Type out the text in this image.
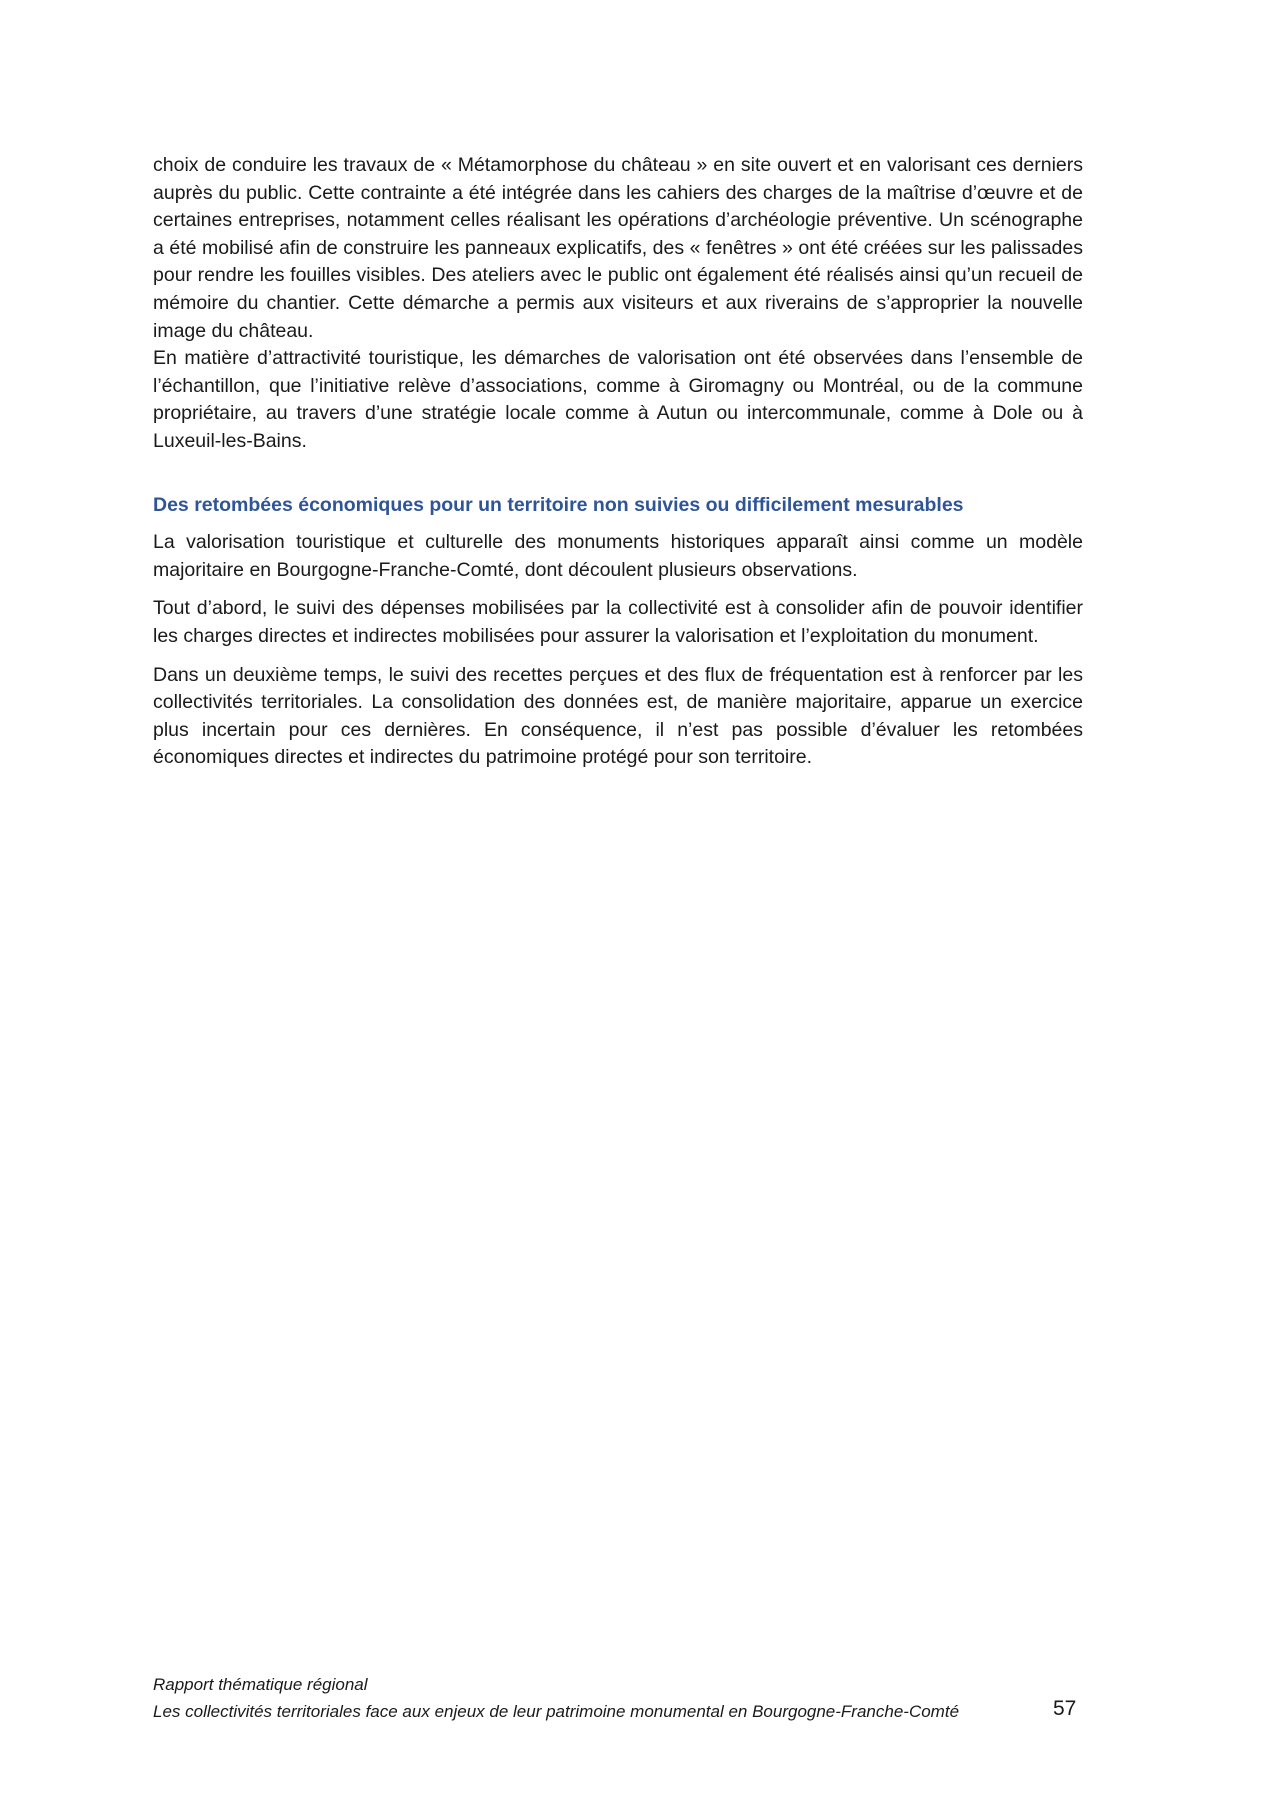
choix de conduire les travaux de « Métamorphose du château » en site ouvert et en valorisant ces derniers auprès du public. Cette contrainte a été intégrée dans les cahiers des charges de la maîtrise d’œuvre et de certaines entreprises, notamment celles réalisant les opérations d’archéologie préventive. Un scénographe a été mobilisé afin de construire les panneaux explicatifs, des « fenêtres » ont été créées sur les palissades pour rendre les fouilles visibles. Des ateliers avec le public ont également été réalisés ainsi qu’un recueil de mémoire du chantier. Cette démarche a permis aux visiteurs et aux riverains de s’approprier la nouvelle image du château.

En matière d’attractivité touristique, les démarches de valorisation ont été observées dans l’ensemble de l’échantillon, que l’initiative relève d’associations, comme à Giromagny ou Montréal, ou de la commune propriétaire, au travers d’une stratégie locale comme à Autun ou intercommunale, comme à Dole ou à Luxeuil-les-Bains.

Des retombées économiques pour un territoire non suivies ou difficilement mesurables

La valorisation touristique et culturelle des monuments historiques apparaît ainsi comme un modèle majoritaire en Bourgogne-Franche-Comté, dont découlent plusieurs observations.

Tout d’abord, le suivi des dépenses mobilisées par la collectivité est à consolider afin de pouvoir identifier les charges directes et indirectes mobilisées pour assurer la valorisation et l’exploitation du monument.

Dans un deuxième temps, le suivi des recettes perçues et des flux de fréquentation est à renforcer par les collectivités territoriales. La consolidation des données est, de manière majoritaire, apparue un exercice plus incertain pour ces dernières. En conséquence, il n’est pas possible d’évaluer les retombées économiques directes et indirectes du patrimoine protégé pour son territoire.

Rapport thématique régional
Les collectivités territoriales face aux enjeux de leur patrimoine monumental en Bourgogne-Franche-Comté	57
